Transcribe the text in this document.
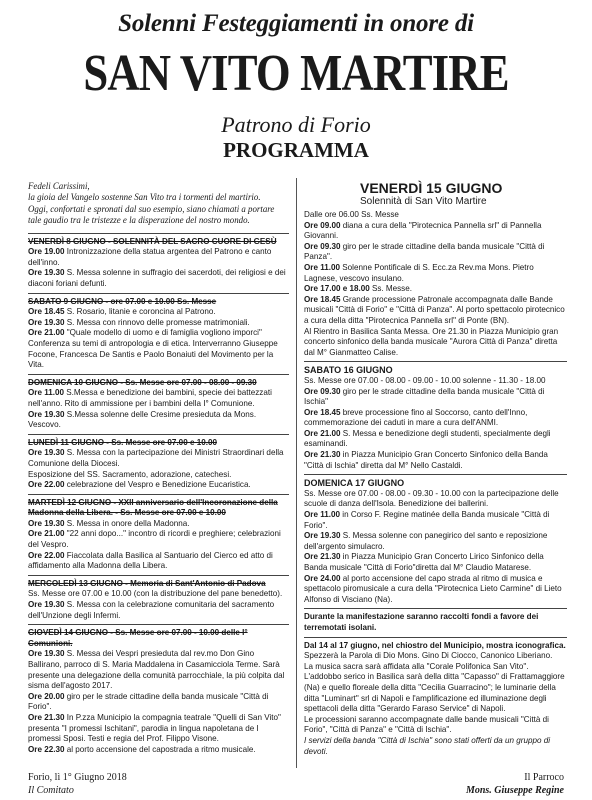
Solenni Festeggiamenti in onore di
SAN VITO MARTIRE
Patrono di Forio
PROGRAMMA
Fedeli Carissimi,
la gioia del Vangelo sostenne San Vito tra i tormenti del martirio.
Oggi, confortati e spronati dal suo esempio, siano chiamati a portare
tale gaudio tra le tristezze e la disperazione del nostro mondo.
VENERDÌ 8 GIUGNO - SOLENNITÀ DEL SACRO CUORE DI GESÙ

Ore 19.00 Intronizzazione della statua argentea del Patrono e canto dell'inno.

Ore 19.30 S. Messa solenne in suffragio dei sacerdoti, dei religiosi e dei diaconi foriani defunti.

SABATO 9 GIUGNO - ore 07.00 e 10.00 Ss. Messe

Ore 18.45 S. Rosario, litanie e coroncina al Patrono.

Ore 19.30 S. Messa con rinnovo delle promesse matrimoniali.

Ore 21.00 "Quale modello di uomo e di famiglia vogliono imporci" Conferenza su temi di antropologia e di etica. Interverranno Giuseppe Focone, Francesca De Santis e Paolo Bonaiuti del Movimento per la Vita.

DOMENICA 10 GIUGNO - Ss. Messe ore 07.00 - 08.00 - 09.30

Ore 11.00 S.Messa e benedizione dei bambini, specie dei battezzati nell'anno. Rito di ammissione per i bambini della I° Comunione.

Ore 19.30 S.Messa solenne delle Cresime presieduta da Mons. Vescovo.

LUNEDÌ 11 GIUGNO - Ss. Messe ore 07.00 e 10.00

Ore 19.30 S. Messa con la partecipazione dei Ministri Straordinari della Comunione della Diocesi.

Esposizione del SS. Sacramento, adorazione, catechesi.

Ore 22.00 celebrazione del Vespro e Benedizione Eucaristica.

MARTEDÌ 12 GIUGNO - XXII anniversario dell'Incoronazione della Madonna della Libera. - Ss. Messe ore 07.00 e 10.00

Ore 19.30 S. Messa in onore della Madonna.

Ore 21.00 "22 anni dopo..." incontro di ricordi e preghiere; celebrazioni del Vespro.

Ore 22.00 Fiaccolata dalla Basilica al Santuario del Cierco ed atto di affidamento alla Madonna della Libera.

MERCOLEDÌ 13 GIUGNO - Memoria di Sant'Antonio di Padova

Ss. Messe ore 07.00 e 10.00 (con la distribuzione del pane benedetto).

Ore 19.30 S. Messa con la celebrazione comunitaria del sacramento dell'Unzione degli Infermi.

GIOVEDÌ 14 GIUGNO - Ss. Messe ore 07.00 - 10.00 delle I° Comunioni.

Ore 19.30 S. Messa dei Vespri presieduta dal rev.mo Don Gino Ballirano, parroco di S. Maria Maddalena in Casamicciola Terme. Sarà presente una delegazione della comunità parrocchiale, la più colpita dal sisma dell'agosto 2017.

Ore 20.00 giro per le strade cittadine della banda musicale "Città di Forio".

Ore 21.30 In P.zza Municipio la compagnia teatrale "Quelli di San Vito" presenta "I promessi Ischitani", parodia in lingua napoletana de I promessi Sposi. Testi e regia del Prof. Filippo Visone.

Ore 22.30 al porto accensione del capostrada a ritmo musicale.

VENERDÌ 15 GIUGNO
Solennità di San Vito Martire

Dalle ore 06.00 Ss. Messe

Ore 09.00 diana a cura della "Pirotecnica Pannella srl" di Pannella Giovanni.

Ore 09.30 giro per le strade cittadine della banda musicale "Città di Panza".

Ore 11.00 Solenne Pontificale di S. Ecc.za Rev.ma Mons. Pietro Lagnese, vescovo insulano.

Ore 17.00 e 18.00 Ss. Messe.

Ore 18.45 Grande processione Patronale accompagnata dalle Bande musicali "Città di Forio" e "Città di Panza". Al porto spettacolo pirotecnico a cura della ditta "Pirotecnica Pannella srl" di Ponte (BN).

Al Rientro in Basilica Santa Messa. Ore 21.30 in Piazza Municipio gran concerto sinfonico della banda musicale "Aurora Città di Panza" diretta dal M° Gianmatteo Calise.

SABATO 16 GIUGNO

Ss. Messe ore 07.00 - 08.00 - 09.00 - 10.00 solenne - 11.30 - 18.00

Ore 09.30 giro per le strade cittadine della banda musicale "Città di Ischia"

Ore 18.45 breve processione fino al Soccorso, canto dell'Inno, commemorazione dei caduti in mare a cura dell'ANMI.

Ore 21.00 S. Messa e benedizione degli studenti, specialmente degli esaminandi.

Ore 21.30 in Piazza Municipio Gran Concerto Sinfonico della Banda "Città di Ischia" diretta dal M° Nello Castaldi.

DOMENICA 17 GIUGNO

Ss. Messe ore 07.00 - 08.00 - 09.30 - 10.00 con la partecipazione delle scuole di danza dell'Isola. Benedizione dei ballerini.

Ore 11.00 in Corso F. Regine matinée della Banda musicale "Città di Forio".

Ore 19.30 S. Messa solenne con panegirico del santo e reposizione dell'argento simulacro.

Ore 21.30 in Piazza Municipio Gran Concerto Lirico Sinfonico della Banda musicale "Città di Forio"diretta dal M° Claudio Matarese.

Ore 24.00 al porto accensione del capo strada al ritmo di musica e spettacolo piromusicale a cura della "Pirotecnica Lieto Carmine" di Lieto Alfonso di Visciano (Na).

Durante la manifestazione saranno raccolti fondi a favore dei terremotati isolani.

Dal 14 al 17 giugno, nel chiostro del Municipio, mostra iconografica.

Spezzerà la Parola di Dio Mons. Gino Di Ciocco, Canonico Liberiano.

La musica sacra sarà affidata alla "Corale Polifonica San Vito". L'addobbo serico in Basilica sarà della ditta "Capasso" di Frattamaggiore (Na) e quello floreale della ditta "Cecilia Guarracino"; le luminarie della ditta "Luminart" srl di Napoli e l'amplificazione ed illuminazione degli spettacoli della ditta "Gerardo Faraso Service" di Napoli.

Le processioni saranno accompagnate dalle bande musicali "Città di Forio", "Città di Panza" e "Città di Ischia".

I servizi della banda "Città di Ischia" sono stati offerti da un gruppo di devoti.

Forio, lì 1° Giugno 2018
Il Comitato
Il Parroco
Mons. Giuseppe Regine
